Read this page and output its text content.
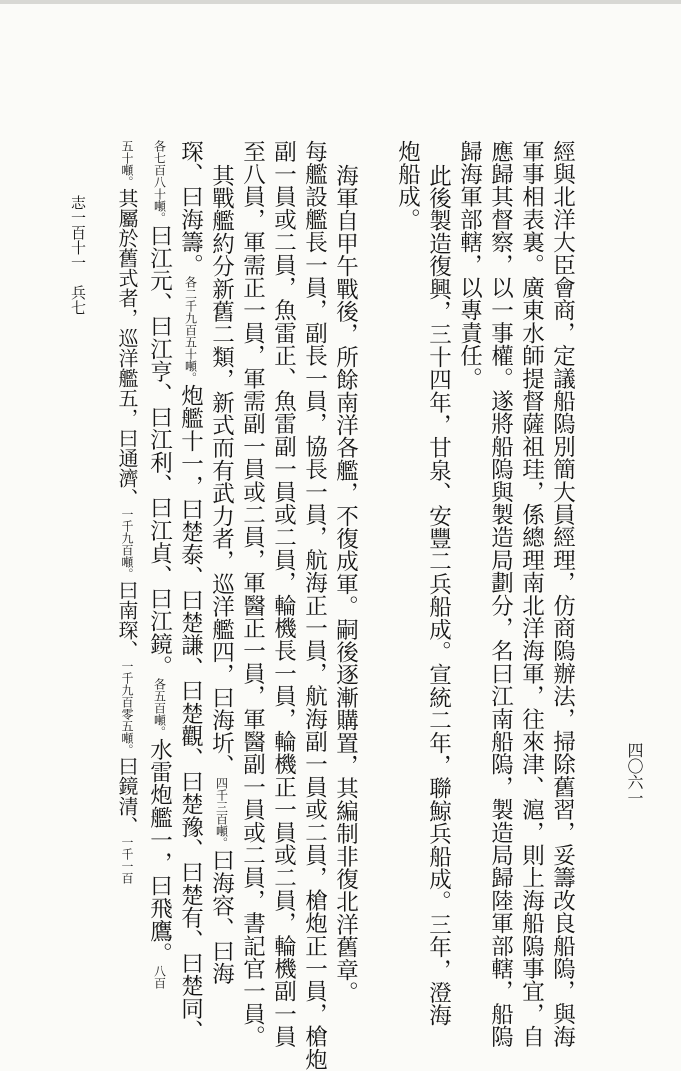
四〇六一
經與北洋大臣會商，定議船隖別簡大員經理，仿商隖辦法，掃除舊習，妥籌改良船隖，與海
軍事相表裏。廣東水師提督薩祖珪，係總理南北洋海軍，往來津、滬，則上海船隖事宜，自
應歸其督察，以一事權。遂將船隖與製造局劃分，名曰江南船隖，製造局歸陸軍部轄，船隖
歸海軍部轄，以專責任。
此後製造復興，三十四年，甘泉、安豐二兵船成。宣統二年，聯鯨兵船成。三年，澄海
炮船成。
海軍自甲午戰後，所餘南洋各艦，不復成軍。嗣後逐漸購置，其編制非復北洋舊章。
每艦設艦長一員，副長一員，協長一員，航海正一員，航海副一員或二員，槍炮正一員，槍炮
副一員或二員，魚雷正、魚雷副一員或二員，輪機長一員，輪機正一員或二員，輪機副一員
至八員，軍需正一員，軍需副一員或二員，軍醫正一員，軍醫副一員或二員，書記官一員。
其戰艦約分新舊二類，新式而有武力者，巡洋艦四，曰海圻、四千三百噸。曰海容、曰海
琛、曰海籌。各二千九百五十噸。炮艦十一，曰楚泰、曰楚謙、曰楚觀、曰楚豫、曰楚有、曰楚同、
各七百八十噸。曰江元、曰江亨、曰江利、曰江貞、曰江鏡。各五百噸。水雷炮艦一，曰飛鷹。八百
五十噸。其屬於舊式者，巡洋艦五，曰通濟、一千九百噸。曰南琛、一千九百零五噸。曰鏡清、一千一百
志一百十一　兵七
